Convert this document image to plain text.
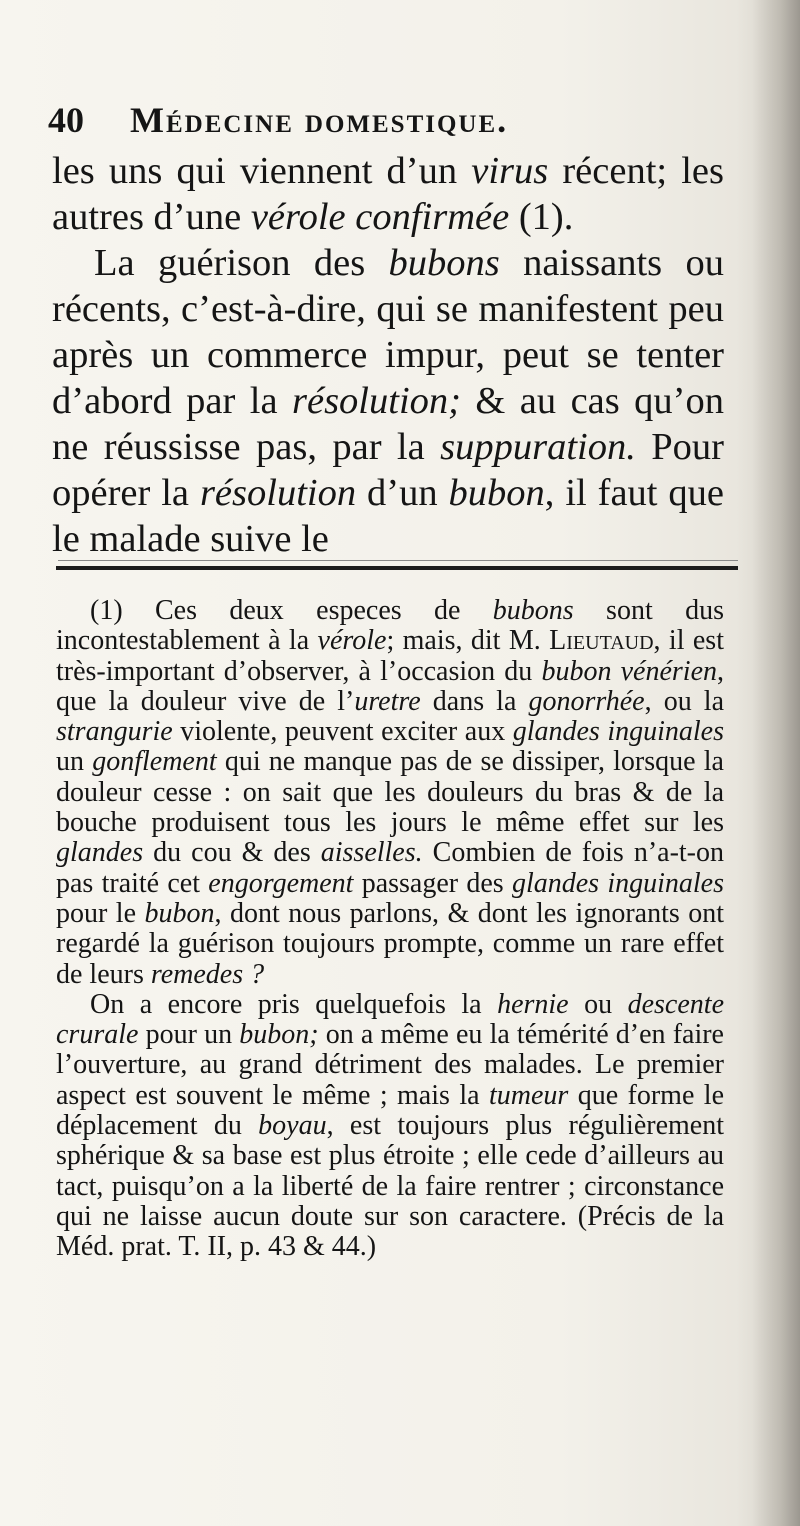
40 Médecine domestique.

les uns qui viennent d’un virus récent; les autres d’une vérole confirmée (1).

La guérison des bubons naissants ou récents, c’est-à-dire, qui se manifestent peu après un commerce impur, peut se tenter d’abord par la résolution; & au cas qu’on ne réussisse pas, par la suppuration. Pour opérer la résolution d’un bubon, il faut que le malade suive le

(1) Ces deux especes de bubons sont dus incontestablement à la vérole; mais, dit M. Lieutaud, il est très-important d’observer, à l’occasion du bubon vénérien, que la douleur vive de l’uretre dans la gonorrhée, ou la strangurie violente, peuvent exciter aux glandes inguinales un gonflement qui ne manque pas de se dissiper, lorsque la douleur cesse : on sait que les douleurs du bras & de la bouche produisent tous les jours le même effet sur les glandes du cou & des aisselles. Combien de fois n’a-t-on pas traité cet engorgement passager des glandes inguinales pour le bubon, dont nous parlons, & dont les ignorants ont regardé la guérison toujours prompte, comme un rare effet de leurs remedes ?

On a encore pris quelquefois la hernie ou descente crurale pour un bubon; on a même eu la témérité d’en faire l’ouverture, au grand détriment des malades. Le premier aspect est souvent le même ; mais la tumeur que forme le déplacement du boyau, est toujours plus régulièrement sphérique & sa base est plus étroite ; elle cede d’ailleurs au tact, puisqu’on a la liberté de la faire rentrer ; circonstance qui ne laisse aucun doute sur son caractere. (Précis de la Méd. prat. T. II, p. 43 & 44.)
